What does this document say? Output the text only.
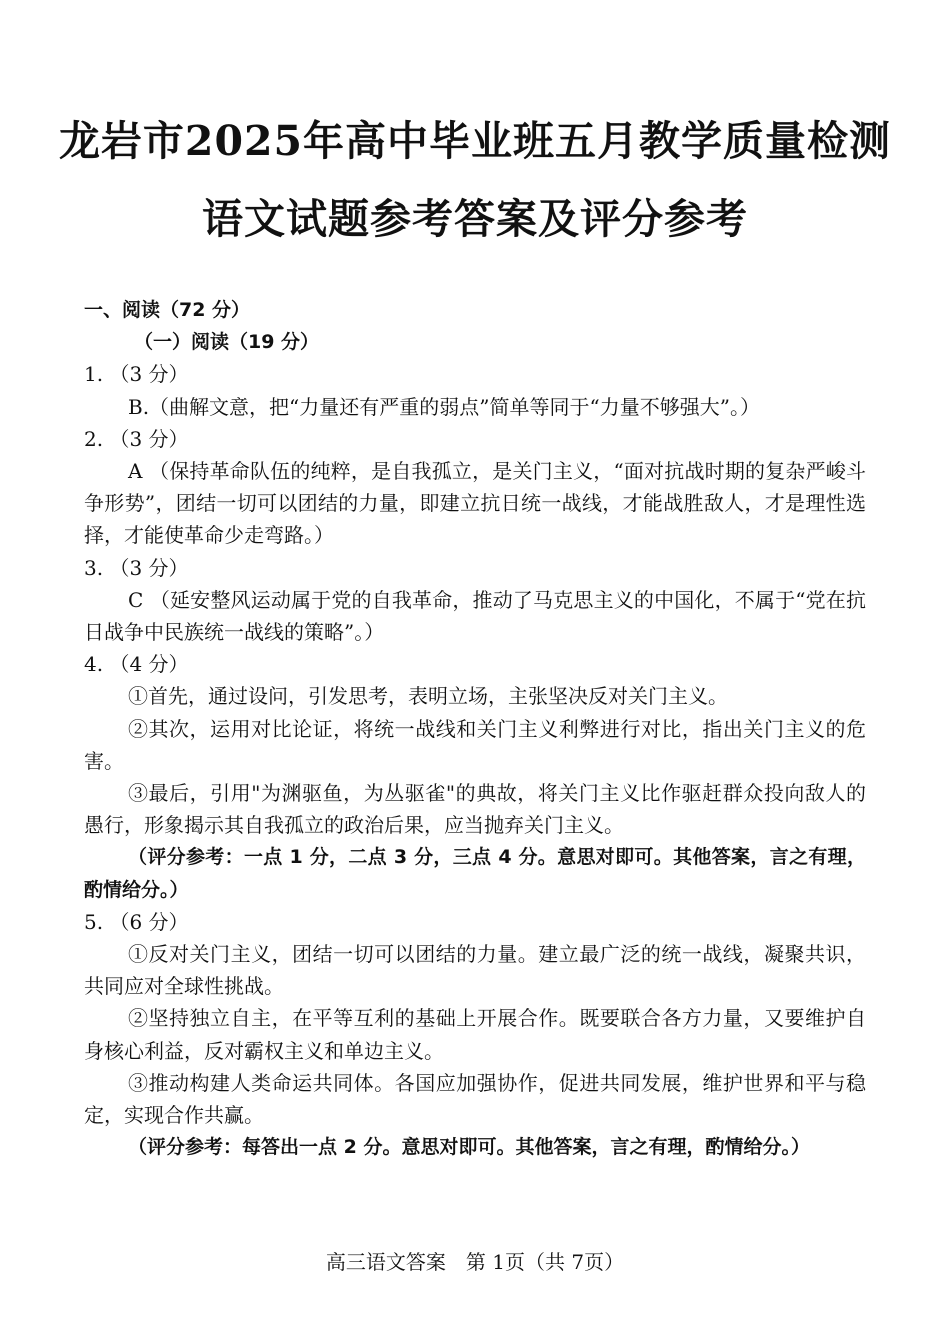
龙岩市2025年高中毕业班五月教学质量检测
语文试题参考答案及评分参考
一、阅读（72 分）
（一）阅读（19 分）
1. （3 分）
B.（曲解文意，把“力量还有严重的弱点”简单等同于“力量不够强大”。）
2. （3 分）
A （保持革命队伍的纯粹，是自我孤立，是关门主义，“面对抗战时期的复杂严峻斗争形势”，团结一切可以团结的力量，即建立抗日统一战线，才能战胜敌人，才是理性选择，才能使革命少走弯路。）
3. （3 分）
C （延安整风运动属于党的自我革命，推动了马克思主义的中国化，不属于“党在抗日战争中民族统一战线的策略”。）
4. （4 分）
①首先，通过设问，引发思考，表明立场，主张坚决反对关门主义。
②其次，运用对比论证，将统一战线和关门主义利弊进行对比，指出关门主义的危害。
③最后，引用"为渊驱鱼，为丛驱雀"的典故，将关门主义比作驱赶群众投向敌人的愚行，形象揭示其自我孤立的政治后果，应当抛弃关门主义。
（评分参考：一点 1 分，二点 3 分，三点 4 分。意思对即可。其他答案，言之有理，酌情给分。）
5. （6 分）
①反对关门主义，团结一切可以团结的力量。建立最广泛的统一战线，凝聚共识，共同应对全球性挑战。
②坚持独立自主，在平等互利的基础上开展合作。既要联合各方力量，又要维护自身核心利益，反对霸权主义和单边主义。
③推动构建人类命运共同体。各国应加强协作，促进共同发展，维护世界和平与稳定，实现合作共赢。
（评分参考：每答出一点 2 分。意思对即可。其他答案，言之有理，酌情给分。）
高三语文答案　第 1页（共 7页）
